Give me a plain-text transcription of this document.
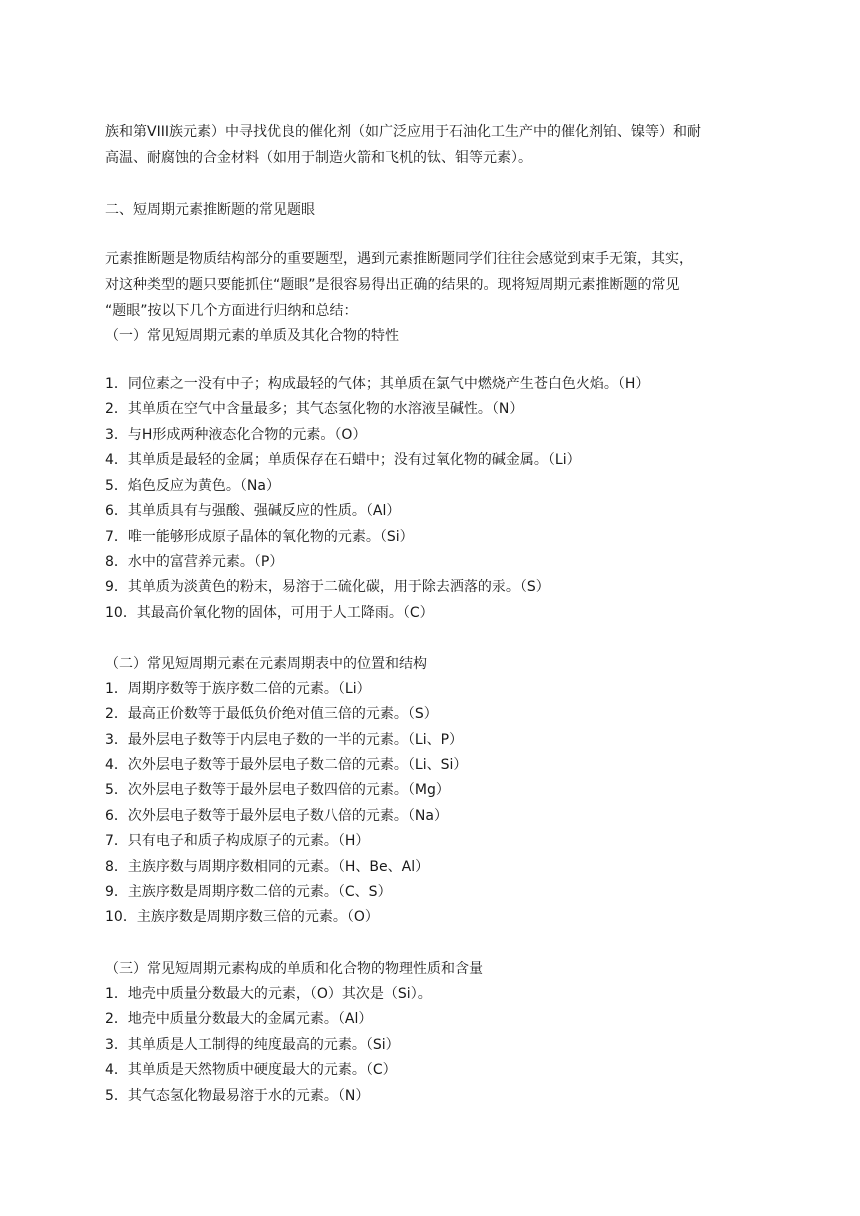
族和第VIII族元素）中寻找优良的催化剂（如广泛应用于石油化工生产中的催化剂铂、镍等）和耐
高温、耐腐蚀的合金材料（如用于制造火箭和飞机的钛、钼等元素）。
二、短周期元素推断题的常见题眼
元素推断题是物质结构部分的重要题型，遇到元素推断题同学们往往会感觉到束手无策，其实，
对这种类型的题只要能抓住“题眼”是很容易得出正确的结果的。现将短周期元素推断题的常见
“题眼”按以下几个方面进行归纳和总结：
（一）常见短周期元素的单质及其化合物的特性
1．同位素之一没有中子；构成最轻的气体；其单质在氯气中燃烧产生苍白色火焰。（H）
2．其单质在空气中含量最多；其气态氢化物的水溶液呈碱性。（N）
3．与H形成两种液态化合物的元素。（O）
4．其单质是最轻的金属；单质保存在石蜡中；没有过氧化物的碱金属。（Li）
5．焰色反应为黄色。（Na）
6．其单质具有与强酸、强碱反应的性质。（Al）
7．唯一能够形成原子晶体的氧化物的元素。（Si）
8．水中的富营养元素。（P）
9．其单质为淡黄色的粉末，易溶于二硫化碳，用于除去洒落的汞。（S）
10．其最高价氧化物的固体，可用于人工降雨。（C）
（二）常见短周期元素在元素周期表中的位置和结构
1．周期序数等于族序数二倍的元素。（Li）
2．最高正价数等于最低负价绝对值三倍的元素。（S）
3．最外层电子数等于内层电子数的一半的元素。（Li、P）
4．次外层电子数等于最外层电子数二倍的元素。（Li、Si）
5．次外层电子数等于最外层电子数四倍的元素。（Mg）
6．次外层电子数等于最外层电子数八倍的元素。（Na）
7．只有电子和质子构成原子的元素。（H）
8．主族序数与周期序数相同的元素。（H、Be、Al）
9．主族序数是周期序数二倍的元素。（C、S）
10．主族序数是周期序数三倍的元素。（O）
（三）常见短周期元素构成的单质和化合物的物理性质和含量
1．地壳中质量分数最大的元素，（O）其次是（Si）。
2．地壳中质量分数最大的金属元素。（Al）
3．其单质是人工制得的纯度最高的元素。（Si）
4．其单质是天然物质中硬度最大的元素。（C）
5．其气态氢化物最易溶于水的元素。（N）
